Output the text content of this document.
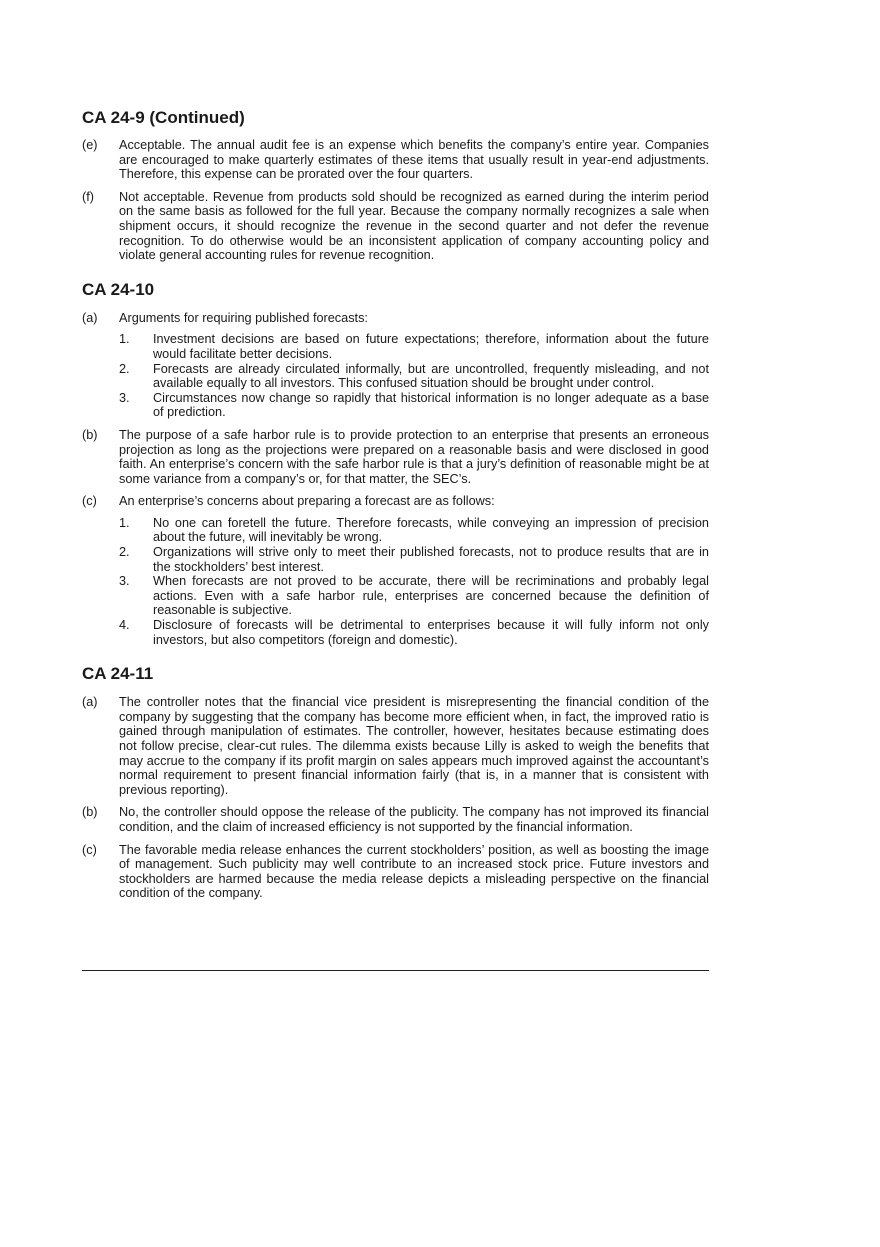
CA 24-9 (Continued)
(e)	Acceptable. The annual audit fee is an expense which benefits the company’s entire year. Companies are encouraged to make quarterly estimates of these items that usually result in year-end adjustments. Therefore, this expense can be prorated over the four quarters.
(f)	Not acceptable. Revenue from products sold should be recognized as earned during the interim period on the same basis as followed for the full year. Because the company normally recognizes a sale when shipment occurs, it should recognize the revenue in the second quarter and not defer the revenue recognition. To do otherwise would be an inconsistent application of company accounting policy and violate general accounting rules for revenue recognition.
CA 24-10
(a)	Arguments for requiring published forecasts:
1.	Investment decisions are based on future expectations; therefore, information about the future would facilitate better decisions.
2.	Forecasts are already circulated informally, but are uncontrolled, frequently misleading, and not available equally to all investors. This confused situation should be brought under control.
3.	Circumstances now change so rapidly that historical information is no longer adequate as a base of prediction.
(b)	The purpose of a safe harbor rule is to provide protection to an enterprise that presents an erroneous projection as long as the projections were prepared on a reasonable basis and were disclosed in good faith. An enterprise’s concern with the safe harbor rule is that a jury’s definition of reasonable might be at some variance from a company’s or, for that matter, the SEC’s.
(c)	An enterprise’s concerns about preparing a forecast are as follows:
1.	No one can foretell the future. Therefore forecasts, while conveying an impression of precision about the future, will inevitably be wrong.
2.	Organizations will strive only to meet their published forecasts, not to produce results that are in the stockholders’ best interest.
3.	When forecasts are not proved to be accurate, there will be recriminations and probably legal actions. Even with a safe harbor rule, enterprises are concerned because the definition of reasonable is subjective.
4.	Disclosure of forecasts will be detrimental to enterprises because it will fully inform not only investors, but also competitors (foreign and domestic).
CA 24-11
(a)	The controller notes that the financial vice president is misrepresenting the financial condition of the company by suggesting that the company has become more efficient when, in fact, the improved ratio is gained through manipulation of estimates. The controller, however, hesitates because estimating does not follow precise, clear-cut rules. The dilemma exists because Lilly is asked to weigh the benefits that may accrue to the company if its profit margin on sales appears much improved against the accountant’s normal requirement to present financial information fairly (that is, in a manner that is consistent with previous reporting).
(b)	No, the controller should oppose the release of the publicity. The company has not improved its financial condition, and the claim of increased efficiency is not supported by the financial information.
(c)	The favorable media release enhances the current stockholders’ position, as well as boosting the image of management. Such publicity may well contribute to an increased stock price. Future investors and stockholders are harmed because the media release depicts a misleading perspective on the financial condition of the company.
